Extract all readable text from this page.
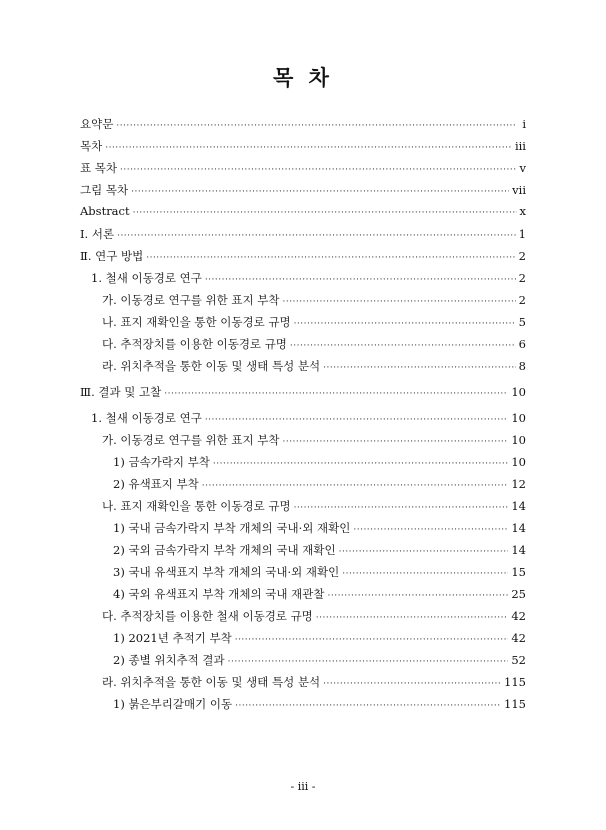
목 차
요약문 ·····	i
목차 ·····	iii
표 목차 ·····	v
그림 목차 ·····	vii
Abstract ·····	x
Ⅰ. 서론 ·····	1
Ⅱ. 연구 방법 ·····	2
1. 철새 이동경로 연구 ·····	2
가. 이동경로 연구를 위한 표지 부착 ·····	2
나. 표지 재확인을 통한 이동경로 규명 ·····	5
다. 추적장치를 이용한 이동경로 규명 ·····	6
라. 위치추적을 통한 이동 및 생태 특성 분석 ·····	8
Ⅲ. 결과 및 고찰 ·····	10
1. 철새 이동경로 연구 ·····	10
가. 이동경로 연구를 위한 표지 부착 ·····	10
1) 금속가락지 부착 ·····	10
2) 유색표지 부착 ·····	12
나. 표지 재확인을 통한 이동경로 규명 ·····	14
1) 국내 금속가락지 부착 개체의 국내·외 재확인 ·····	14
2) 국외 금속가락지 부착 개체의 국내 재확인 ·····	14
3) 국내 유색표지 부착 개체의 국내·외 재확인 ·····	15
4) 국외 유색표지 부착 개체의 국내 재관찰 ·····	25
다. 추적장치를 이용한 철새 이동경로 규명 ·····	42
1) 2021년 추적기 부착 ·····	42
2) 종별 위치추적 결과 ·····	52
라. 위치추적을 통한 이동 및 생태 특성 분석 ·····	115
1) 붉은부리갈매기 이동 ·····	115
- iii -
